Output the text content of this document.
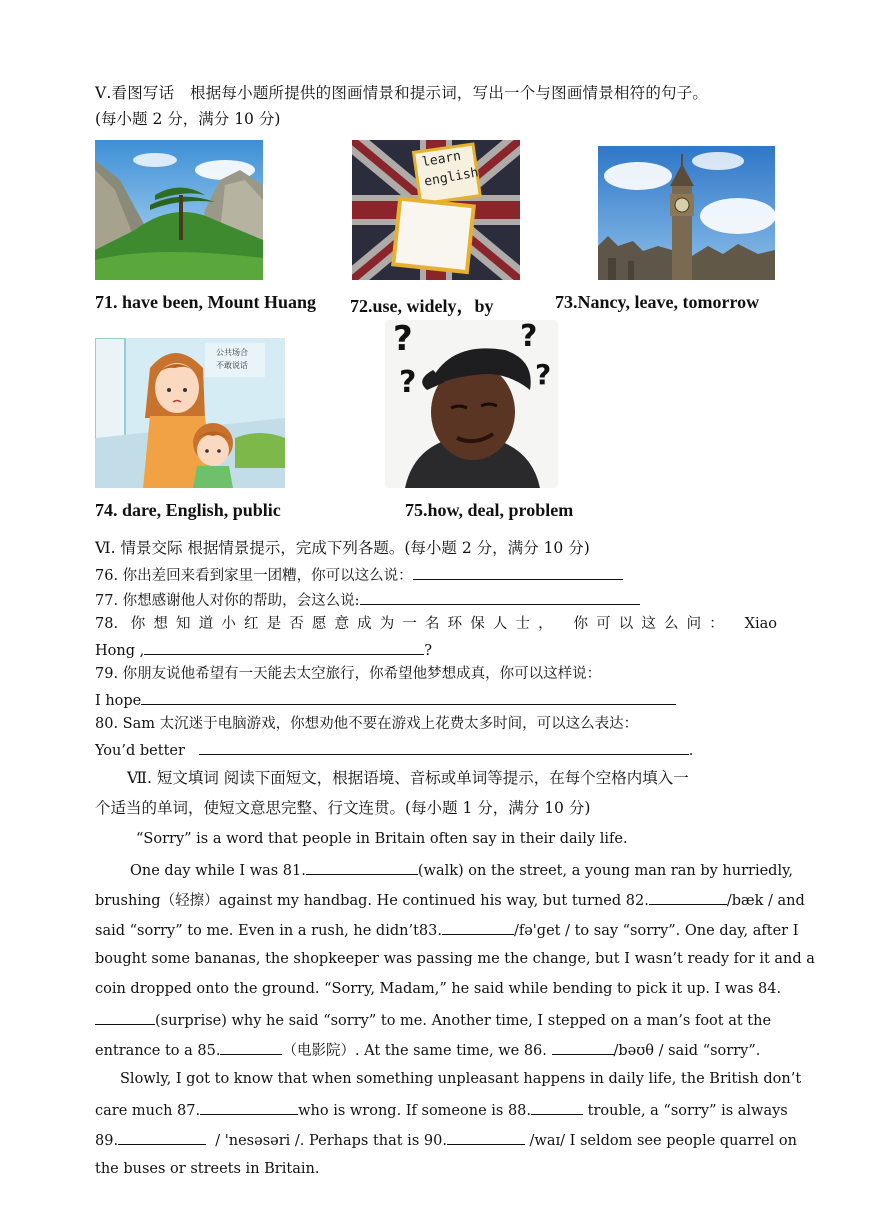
Ⅴ.看图写话　根据每小题所提供的图画情景和提示词，写出一个与图画情景相符的句子。
(每小题 2 分，满分 10 分)
learn
english
71. have been, Mount Huang 72.use, widely，by	73.Nancy, leave, tomorrow
公共场合
不敢说话
?	?
?	?
74. dare, English, public	75.how, deal, problem
Ⅵ. 情景交际 根据情景提示，完成下列各题。(每小题 2 分，满分 10 分)
76. 你出差回来看到家里一团糟，你可以这么说：
77. 你想感谢他人对你的帮助，会这么说:
78. 你想知道小红是否愿意成为一名环保人士， 你可以这么问： Xiao
Hong ,	?
79. 你朋友说他希望有一天能去太空旅行，你希望他梦想成真，你可以这样说：
I hope
80. Sam 太沉迷于电脑游戏，你想劝他不要在游戏上花费太多时间，可以这么表达：
You’d better	.
Ⅶ. 短文填词 阅读下面短文，根据语境、音标或单词等提示，在每个空格内填入一
个适当的单词，使短文意思完整、行文连贯。(每小题 1 分，满分 10 分)
“Sorry” is a word that people in Britain often say in their daily life.
One day while I was 81.	(walk) on the street, a young man ran by hurriedly,
brushing（轻擦）against my handbag. He continued his way, but turned 82.	/bæk / and
said “sorry” to me. Even in a rush, he didn’t83.	/fə'ɡet / to say “sorry”. One day, after I
bought some bananas, the shopkeeper was passing me the change, but I wasn’t ready for it and a
coin dropped onto the ground. “Sorry, Madam,” he said while bending to pick it up. I was 84.
(surprise) why he said “sorry” to me. Another time, I stepped on a man’s foot at the
entrance to a 85.	（电影院）. At the same time, we 86.	/bəʊθ / said “sorry”.
Slowly, I got to know that when something unpleasant happens in daily life, the British don’t
care much 87.	who is wrong. If someone is 88.	trouble, a “sorry” is always
89.	/ 'nesəsəri /. Perhaps that is 90.	/waɪ/ I seldom see people quarrel on
the buses or streets in Britain.
